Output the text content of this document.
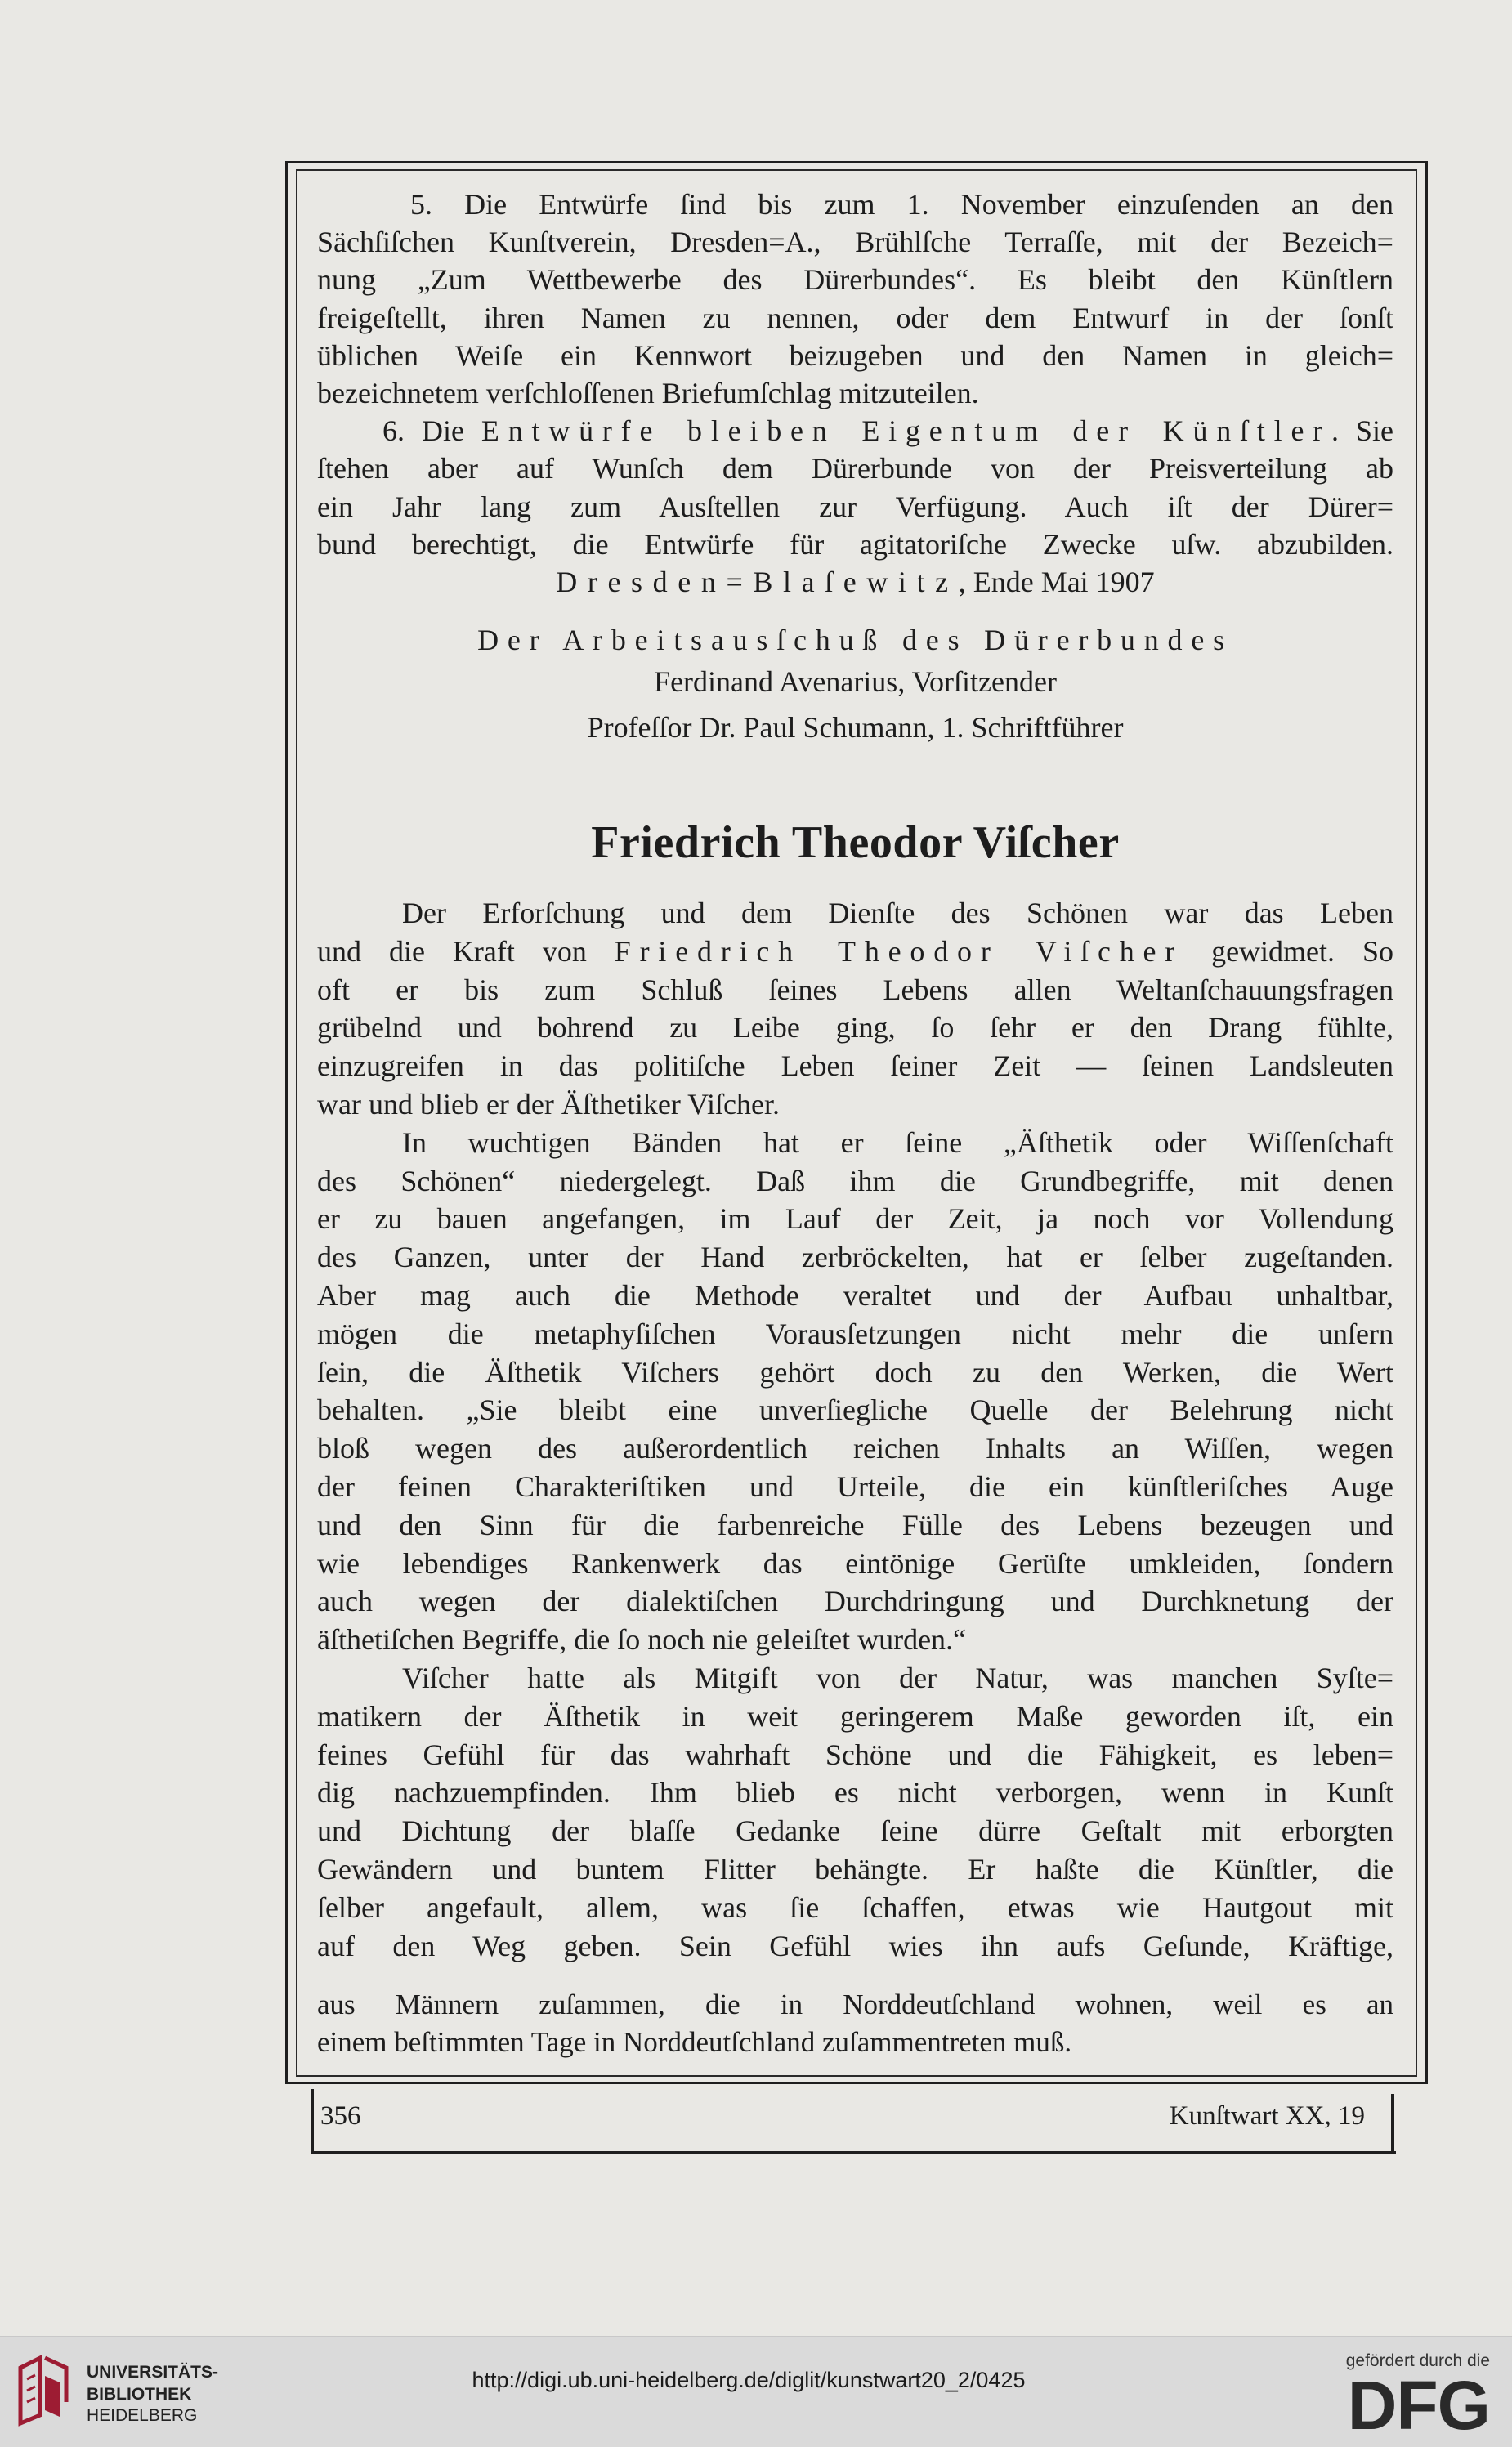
5. Die Entwürfe ſind bis zum 1. November einzuſenden an den
Sächſiſchen Kunſtverein, Dresden=A., Brühlſche Terraſſe, mit der Bezeich=
nung „Zum Wettbewerbe des Dürerbundes“. Es bleibt den Künſtlern
freigeſtellt, ihren Namen zu nennen, oder dem Entwurf in der ſonſt
üblichen Weiſe ein Kennwort beizugeben und den Namen in gleich=
bezeichnetem verſchloſſenen Briefumſchlag mitzuteilen.
6. Die Entwürfe bleiben Eigentum der Künſtler. Sie
ſtehen aber auf Wunſch dem Dürerbunde von der Preisverteilung ab
ein Jahr lang zum Ausſtellen zur Verfügung. Auch iſt der Dürer=
bund berechtigt, die Entwürfe für agitatoriſche Zwecke uſw. abzubilden.
Dresden=Blaſewitz, Ende Mai 1907
Der Arbeitsausſchuß des Dürerbundes
Ferdinand Avenarius, Vorſitzender
Profeſſor Dr. Paul Schumann, 1. Schriftführer
Friedrich Theodor Viſcher
Der Erforſchung und dem Dienſte des Schönen war das Leben
und die Kraft von Friedrich Theodor Viſcher gewidmet. So
oft er bis zum Schluß ſeines Lebens allen Weltanſchauungsfragen
grübelnd und bohrend zu Leibe ging, ſo ſehr er den Drang fühlte,
einzugreifen in das politiſche Leben ſeiner Zeit — ſeinen Landsleuten
war und blieb er der Äſthetiker Viſcher.
In wuchtigen Bänden hat er ſeine „Äſthetik oder Wiſſenſchaft
des Schönen“ niedergelegt. Daß ihm die Grundbegriffe, mit denen
er zu bauen angefangen, im Lauf der Zeit, ja noch vor Vollendung
des Ganzen, unter der Hand zerbröckelten, hat er ſelber zugeſtanden.
Aber mag auch die Methode veraltet und der Aufbau unhaltbar,
mögen die metaphyſiſchen Vorausſetzungen nicht mehr die unſern
ſein, die Äſthetik Viſchers gehört doch zu den Werken, die Wert
behalten. „Sie bleibt eine unverſiegliche Quelle der Belehrung nicht
bloß wegen des außerordentlich reichen Inhalts an Wiſſen, wegen
der feinen Charakteriſtiken und Urteile, die ein künſtleriſches Auge
und den Sinn für die farbenreiche Fülle des Lebens bezeugen und
wie lebendiges Rankenwerk das eintönige Gerüſte umkleiden, ſondern
auch wegen der dialektiſchen Durchdringung und Durchknetung der
äſthetiſchen Begriffe, die ſo noch nie geleiſtet wurden.“
Viſcher hatte als Mitgift von der Natur, was manchen Syſte=
matikern der Äſthetik in weit geringerem Maße geworden iſt, ein
feines Gefühl für das wahrhaft Schöne und die Fähigkeit, es leben=
dig nachzuempfinden. Ihm blieb es nicht verborgen, wenn in Kunſt
und Dichtung der blaſſe Gedanke ſeine dürre Geſtalt mit erborgten
Gewändern und buntem Flitter behängte. Er haßte die Künſtler, die
ſelber angefault, allem, was ſie ſchaffen, etwas wie Hautgout mit
auf den Weg geben. Sein Gefühl wies ihn aufs Geſunde, Kräftige,
aus Männern zuſammen, die in Norddeutſchland wohnen, weil es an
einem beſtimmten Tage in Norddeutſchland zuſammentreten muß.
356	Kunſtwart XX, 19
UNIVERSITÄTS-
BIBLIOTHEK
HEIDELBERG
http://digi.ub.uni-heidelberg.de/diglit/kunstwart20_2/0425
gefördert durch die
DFG
